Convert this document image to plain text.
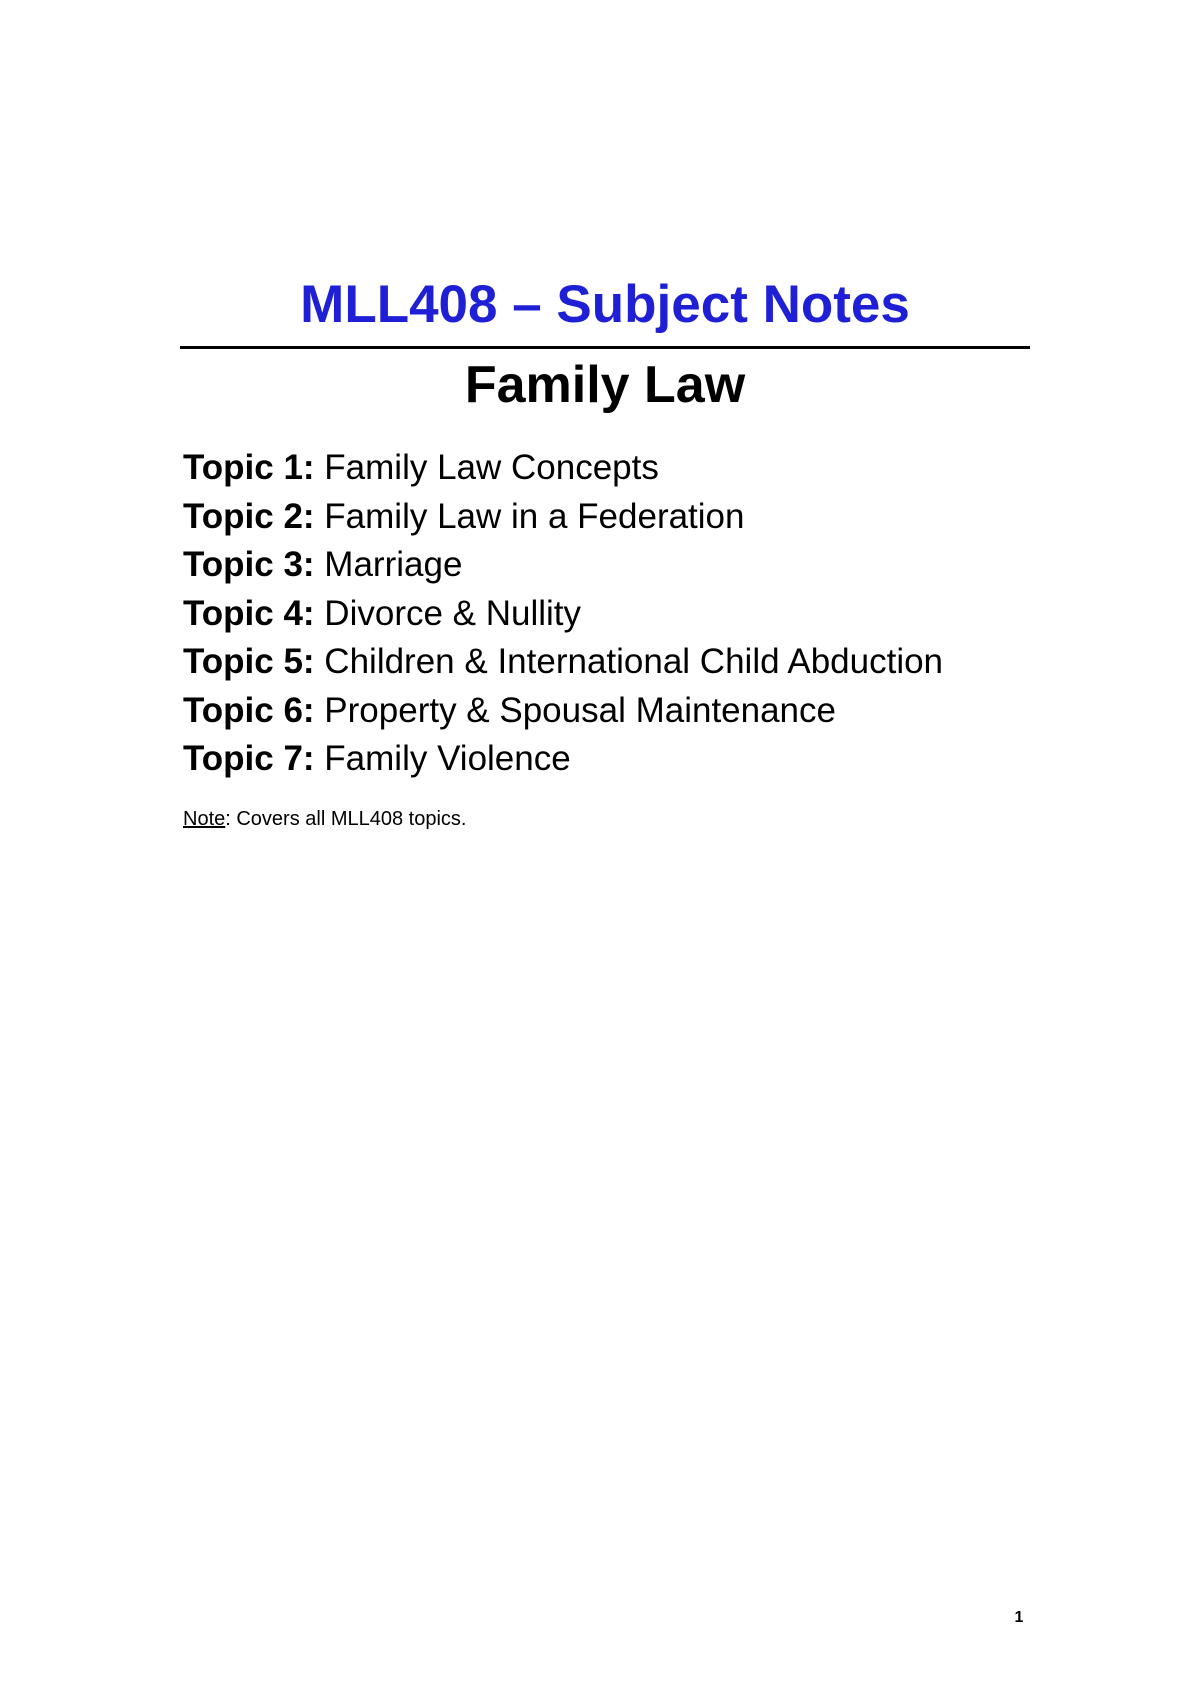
MLL408 – Subject Notes
Family Law
Topic 1: Family Law Concepts
Topic 2: Family Law in a Federation
Topic 3: Marriage
Topic 4: Divorce & Nullity
Topic 5: Children & International Child Abduction
Topic 6: Property & Spousal Maintenance
Topic 7: Family Violence

Note: Covers all MLL408 topics.

1
